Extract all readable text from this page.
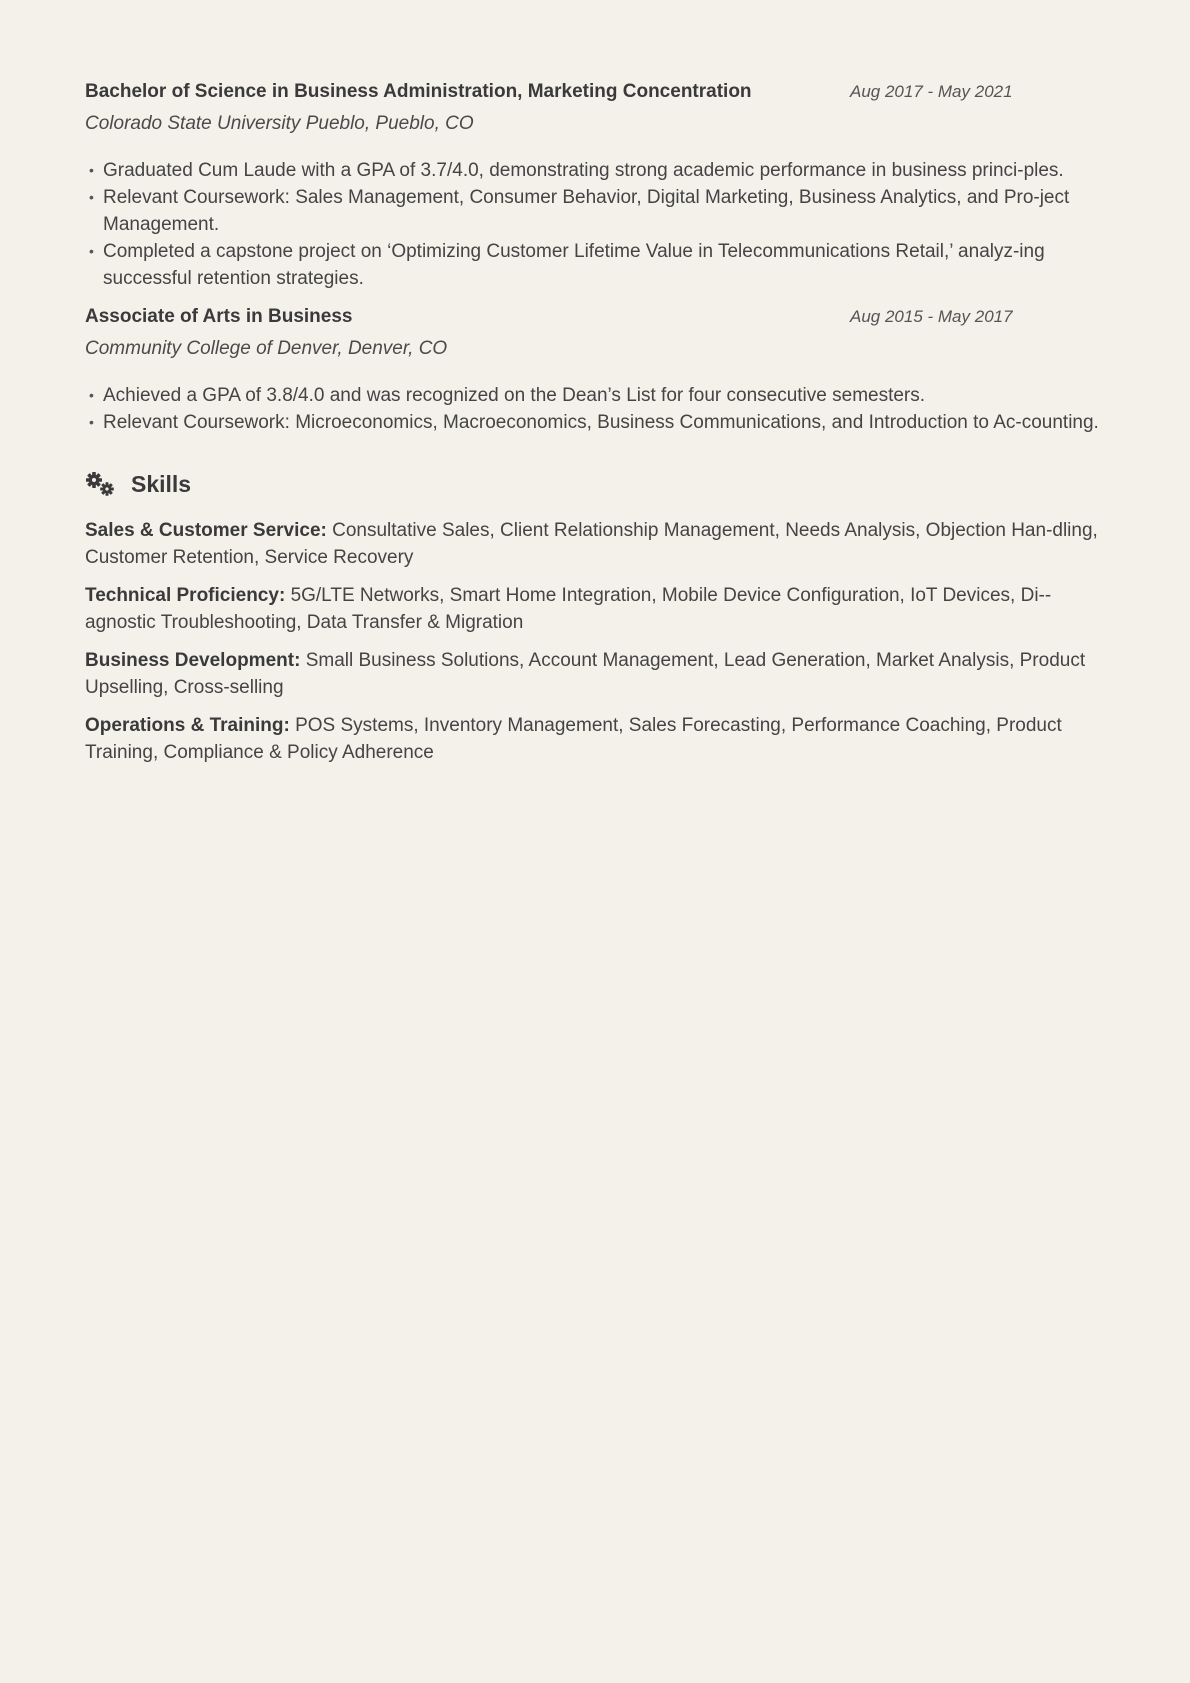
Bachelor of Science in Business Administration, Marketing Concentration	Aug 2017 - May 2021
Colorado State University Pueblo, Pueblo, CO
• Graduated Cum Laude with a GPA of 3.7/4.0, demonstrating strong academic performance in business princi-ples.
• Relevant Coursework: Sales Management, Consumer Behavior, Digital Marketing, Business Analytics, and Pro-ject Management.
• Completed a capstone project on ‘Optimizing Customer Lifetime Value in Telecommunications Retail,’ analyz-ing successful retention strategies.
Associate of Arts in Business	Aug 2015 - May 2017
Community College of Denver, Denver, CO
• Achieved a GPA of 3.8/4.0 and was recognized on the Dean’s List for four consecutive semesters.
• Relevant Coursework: Microeconomics, Macroeconomics, Business Communications, and Introduction to Ac-counting.
Skills
Sales & Customer Service: Consultative Sales, Client Relationship Management, Needs Analysis, Objection Han-dling, Customer Retention, Service Recovery
Technical Proficiency: 5G/LTE Networks, Smart Home Integration, Mobile Device Configuration, IoT Devices, Di-agnostic Troubleshooting, Data Transfer & Migration
Business Development: Small Business Solutions, Account Management, Lead Generation, Market Analysis, Product Upselling, Cross-selling
Operations & Training: POS Systems, Inventory Management, Sales Forecasting, Performance Coaching, Product Training, Compliance & Policy Adherence
